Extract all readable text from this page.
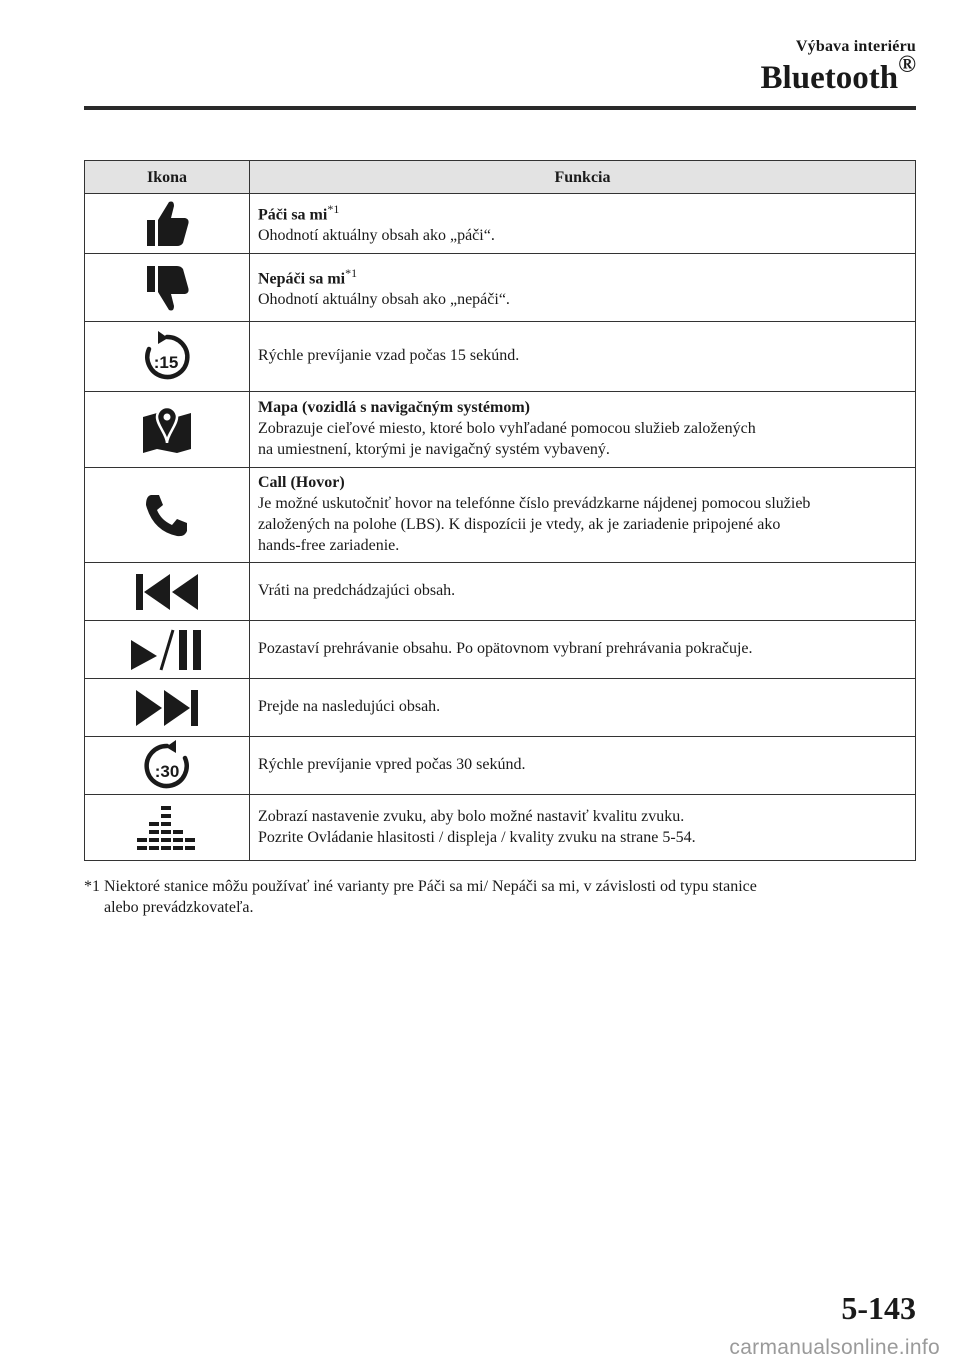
Výbava interiéru
Bluetooth®
Ikona	Funkcia

Páči sa $mi^{*1}$
Ohodnotí aktuálny obsah ako „páči“.

Nepáči sa $mi^{*1}$
Ohodnotí aktuálny obsah ako „nepáči“.

:15	Rýchle prevíjanie vzad počas 15 sekúnd.

Mapa (vozidlá s navigačným systémom)
Zobrazuje cieľové miesto, ktoré bolo vyhľadané pomocou služieb založených
na umiestnení, ktorými je navigačný systém vybavený.

Call (Hovor)
Je možné uskutočniť hovor na telefónne číslo prevádzkarne nájdenej pomocou služieb
založených na polohe (LBS). K dispozícii je vtedy, ak je zariadenie pripojené ako
hands-free zariadenie.

Vráti na predchádzajúci obsah.

Pozastaví prehrávanie obsahu. Po opätovnom vybraní prehrávania pokračuje.

Prejde na nasledujúci obsah.

:30	Rýchle prevíjanie vpred počas 30 sekúnd.

Zobrazí nastavenie zvuku, aby bolo možné nastaviť kvalitu zvuku.
Pozrite Ovládanie hlasitosti / displeja / kvality zvuku na strane 5-54.
*1 Niektoré stanice môžu používať iné varianty pre Páči sa mi/ Nepáči sa mi, v závislosti od typu stanice
alebo prevádzkovateľa.
5-143
carmanualsonline.info
